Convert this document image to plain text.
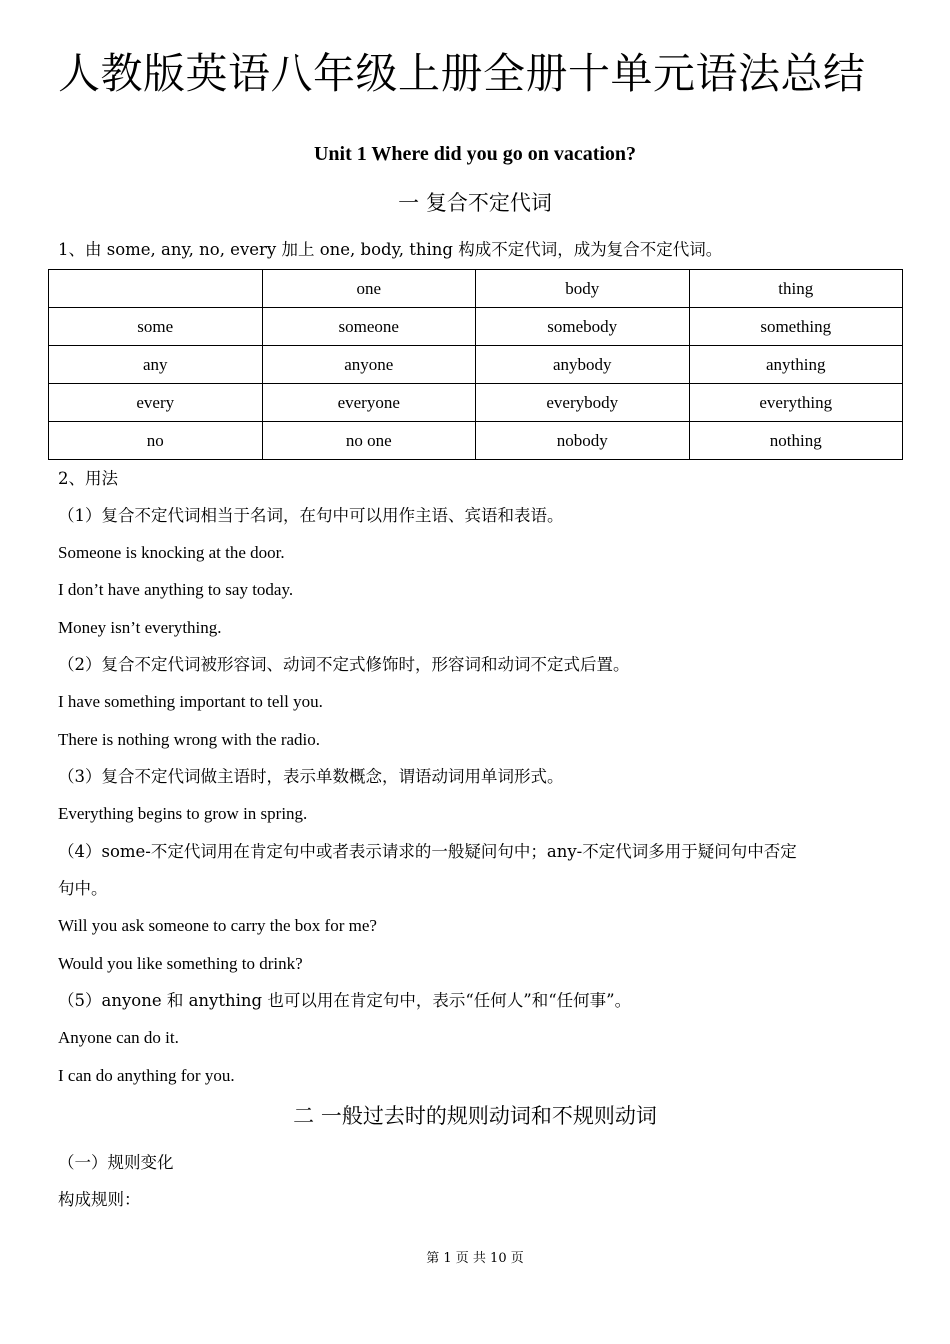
人教版英语八年级上册全册十单元语法总结
Unit 1 Where did you go on vacation?
一 复合不定代词
1、由 some, any, no, every 加上 one, body, thing 构成不定代词，成为复合不定代词。
	one	body	thing
some	someone	somebody	something
any	anyone	anybody	anything
every	everyone	everybody	everything
no	no one	nobody	nothing
2、用法
（1）复合不定代词相当于名词，在句中可以用作主语、宾语和表语。
Someone is knocking at the door.
I don’t have anything to say today.
Money isn’t everything.
（2）复合不定代词被形容词、动词不定式修饰时，形容词和动词不定式后置。
I have something important to tell you.
There is nothing wrong with the radio.
（3）复合不定代词做主语时，表示单数概念，谓语动词用单词形式。
Everything begins to grow in spring.
（4）some-不定代词用在肯定句中或者表示请求的一般疑问句中；any-不定代词多用于疑问句中否定
句中。
Will you ask someone to carry the box for me?
Would you like something to drink?
（5）anyone 和 anything 也可以用在肯定句中，表示“任何人”和“任何事”。
Anyone can do it.
I can do anything for you.
二 一般过去时的规则动词和不规则动词
（一）规则变化
构成规则：
第 1 页 共 10 页
